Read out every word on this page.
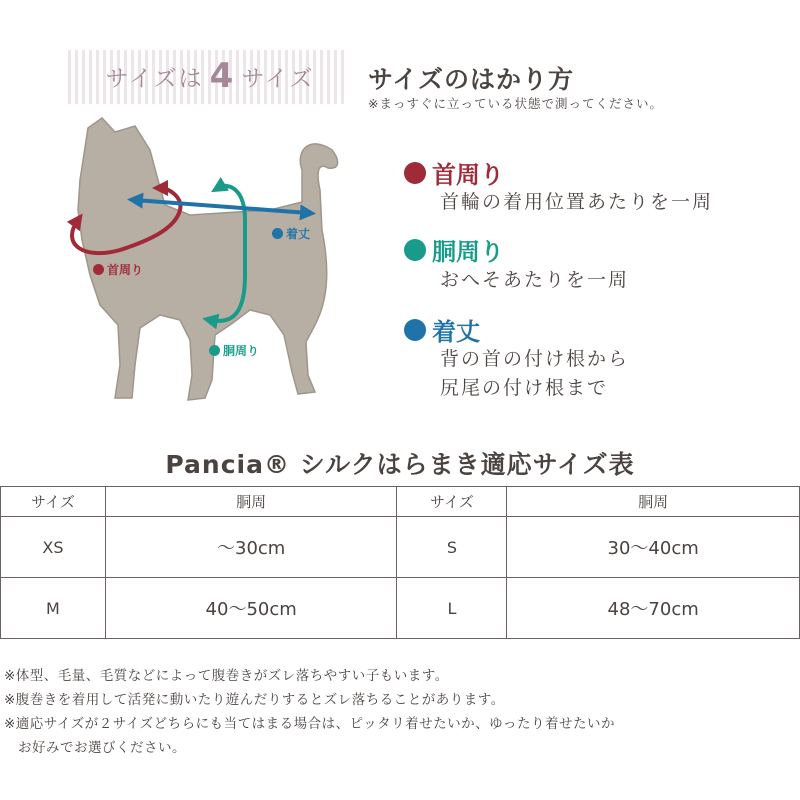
サイズは 4 サイズ サイズのはかり方
※まっすぐに立っている状態で測ってください。
首周り
着丈
胴周り
首周り
首輪の着用位置あたりを一周
胴周り
おへそあたりを一周
着丈
背の首の付け根から
尻尾の付け根まで
Pancia® シルクはらまき適応サイズ表
サイズ	胴周	サイズ	胴周
XS	〜30cm	S	30〜40cm
M	40〜50cm	L	48〜70cm
※体型、毛量、毛質などによって腹巻きがズレ落ちやすい子もいます。
※腹巻きを着用して活発に動いたり遊んだりするとズレ落ちることがあります。
※適応サイズが２サイズどちらにも当てはまる場合は、ピッタリ着せたいか、ゆったり着せたいか
　お好みでお選びください。
